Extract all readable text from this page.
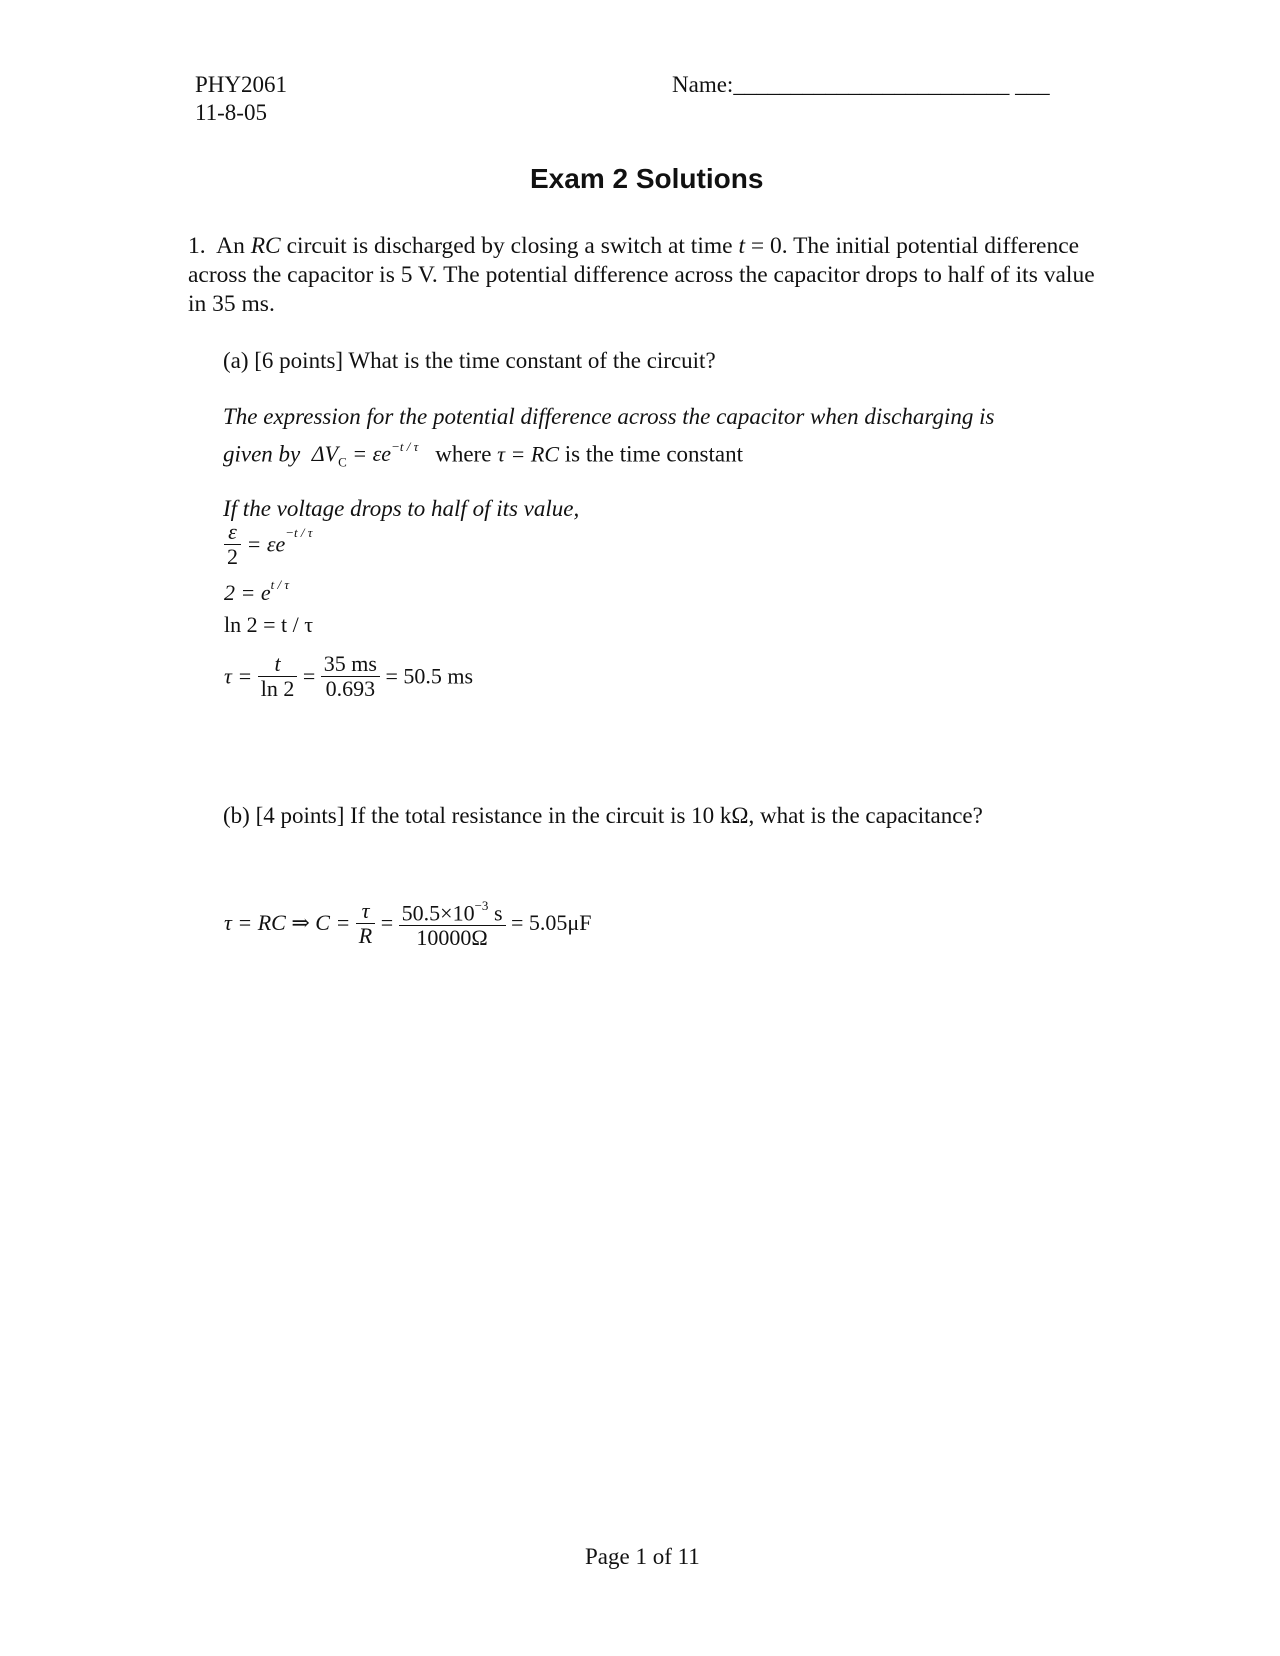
PHY2061
11-8-05
Name:________________________ ___
Exam 2 Solutions
1. An RC circuit is discharged by closing a switch at time t = 0. The initial potential difference across the capacitor is 5 V. The potential difference across the capacitor drops to half of its value in 35 ms.
(a) [6 points] What is the time constant of the circuit?
The expression for the potential difference across the capacitor when discharging is
given by $\Delta V_C = \varepsilon e^{-t / \tau}$ where τ = RC is the time constant
If the voltage drops to half of its value,
$\frac{\varepsilon}{2} = \varepsilon e^{-t / \tau}$
$2 = e^{t / \tau}$
ln 2 = t / τ
$\tau = \frac{t}{\ln 2} = \frac{35 ms}{0.693} = 50.5$ ms
(b) [4 points] If the total resistance in the circuit is 10 kΩ, what is the capacitance?
τ = RC ⇒ $C = \frac{\tau}{R} = \frac{50.5\times 10^{-3} s}{10000\Omega} = 5.05\mu F$
Page 1 of 11
